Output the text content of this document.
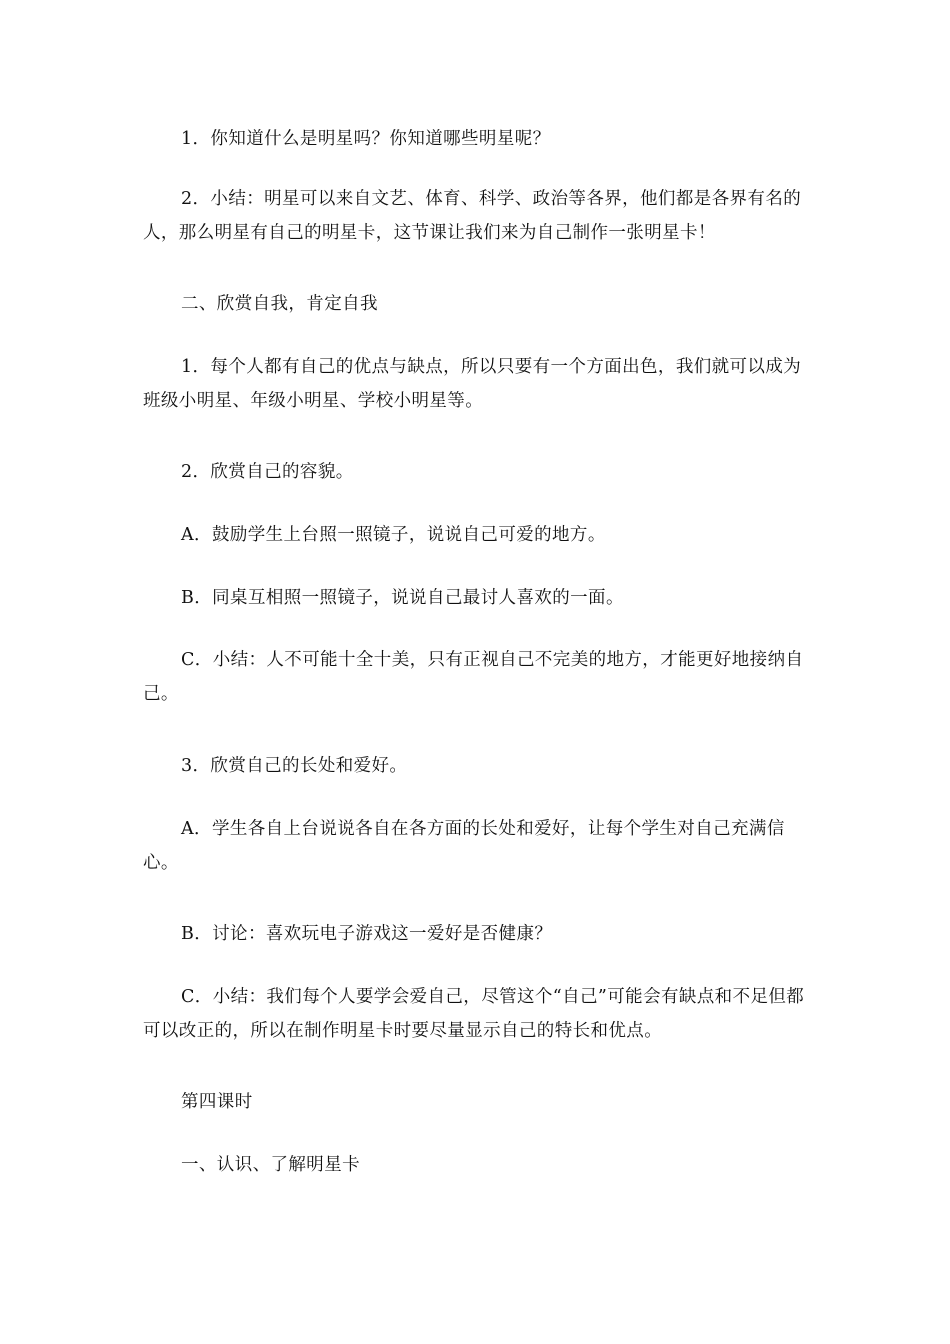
1．你知道什么是明星吗？你知道哪些明星呢？

2．小结：明星可以来自文艺、体育、科学、政治等各界，他们都是各界有名的人，那么明星有自己的明星卡，这节课让我们来为自己制作一张明星卡！

二、欣赏自我，肯定自我

1．每个人都有自己的优点与缺点，所以只要有一个方面出色，我们就可以成为班级小明星、年级小明星、学校小明星等。

2．欣赏自己的容貌。

A．鼓励学生上台照一照镜子，说说自己可爱的地方。

B．同桌互相照一照镜子，说说自己最讨人喜欢的一面。

C．小结：人不可能十全十美，只有正视自己不完美的地方，才能更好地接纳自己。

3．欣赏自己的长处和爱好。

A．学生各自上台说说各自在各方面的长处和爱好，让每个学生对自己充满信心。

B．讨论：喜欢玩电子游戏这一爱好是否健康？

C．小结：我们每个人要学会爱自己，尽管这个“自己”可能会有缺点和不足但都可以改正的，所以在制作明星卡时要尽量显示自己的特长和优点。

第四课时

一、认识、了解明星卡
